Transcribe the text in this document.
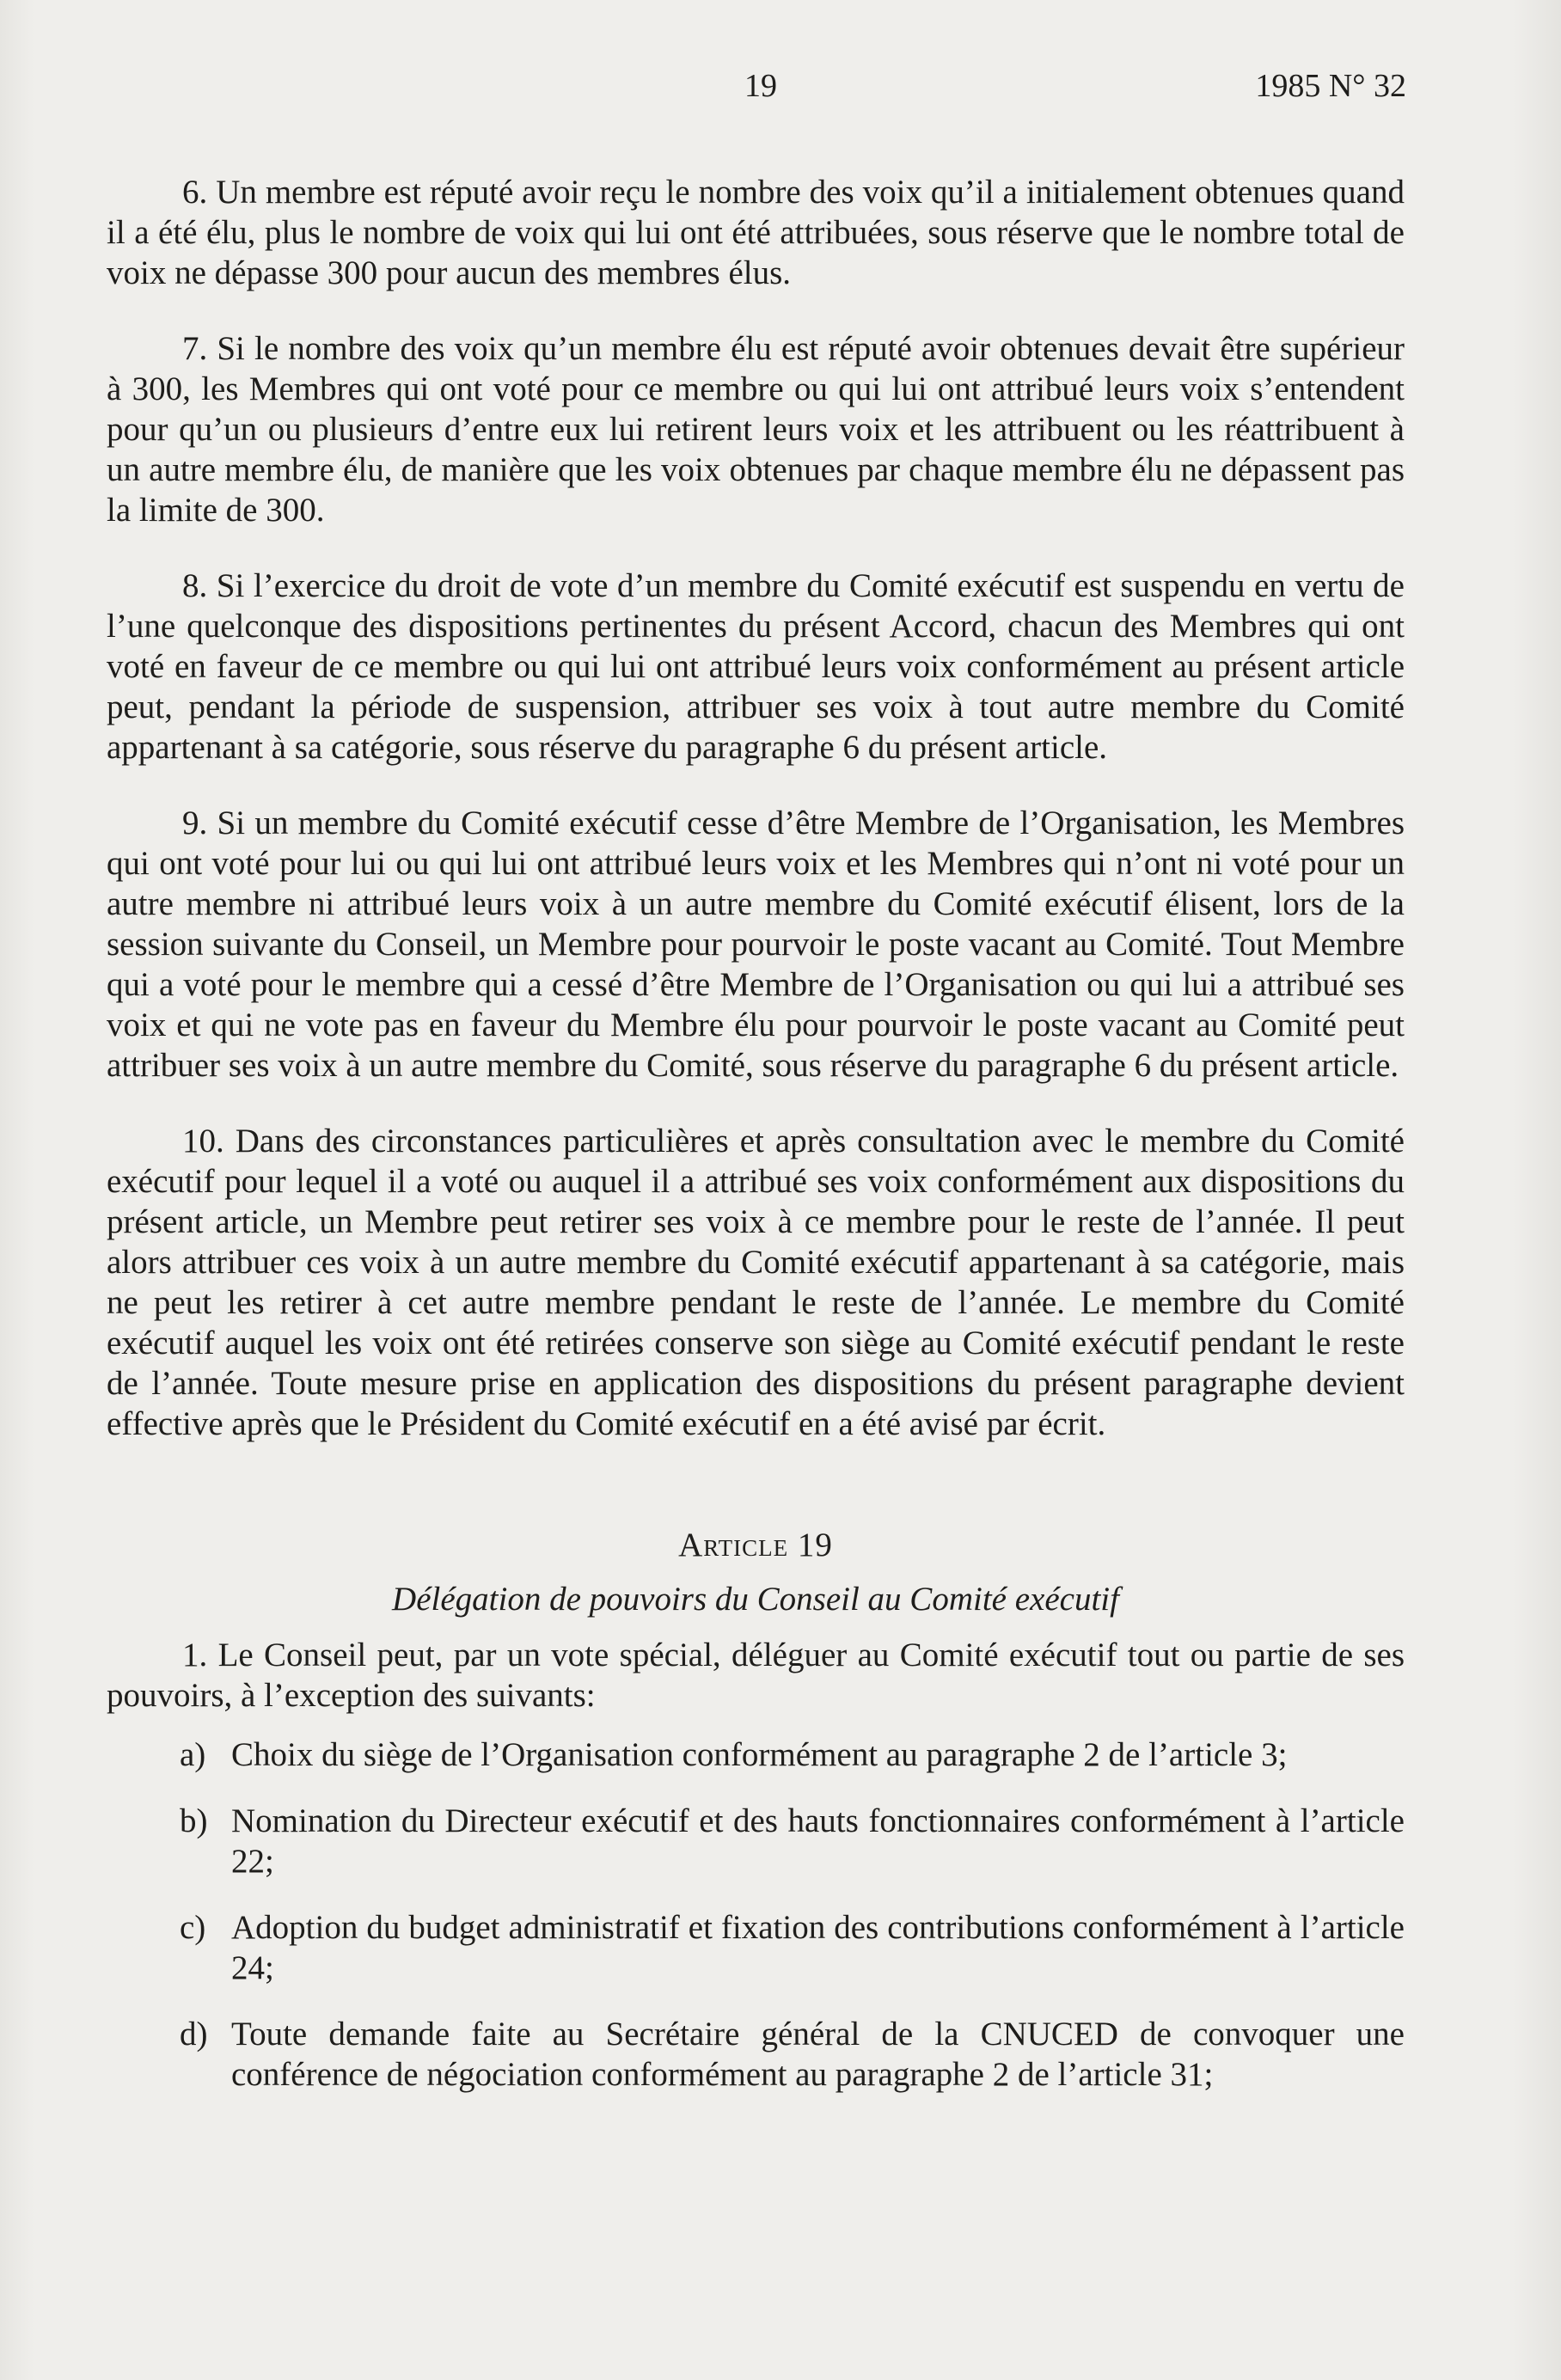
19	1985 N° 32

6. Un membre est réputé avoir reçu le nombre des voix qu’il a initialement obtenues quand il a été élu, plus le nombre de voix qui lui ont été attribuées, sous réserve que le nombre total de voix ne dépasse 300 pour aucun des membres élus.

7. Si le nombre des voix qu’un membre élu est réputé avoir obtenues devait être supérieur à 300, les Membres qui ont voté pour ce membre ou qui lui ont attribué leurs voix s’entendent pour qu’un ou plusieurs d’entre eux lui retirent leurs voix et les attribuent ou les réattribuent à un autre membre élu, de manière que les voix obtenues par chaque membre élu ne dépassent pas la limite de 300.

8. Si l’exercice du droit de vote d’un membre du Comité exécutif est suspendu en vertu de l’une quelconque des dispositions pertinentes du présent Accord, chacun des Membres qui ont voté en faveur de ce membre ou qui lui ont attribué leurs voix conformément au présent article peut, pendant la période de suspension, attribuer ses voix à tout autre membre du Comité appartenant à sa catégorie, sous réserve du paragraphe 6 du présent article.

9. Si un membre du Comité exécutif cesse d’être Membre de l’Organisation, les Membres qui ont voté pour lui ou qui lui ont attribué leurs voix et les Membres qui n’ont ni voté pour un autre membre ni attribué leurs voix à un autre membre du Comité exécutif élisent, lors de la session suivante du Conseil, un Membre pour pourvoir le poste vacant au Comité. Tout Membre qui a voté pour le membre qui a cessé d’être Membre de l’Organisation ou qui lui a attribué ses voix et qui ne vote pas en faveur du Membre élu pour pourvoir le poste vacant au Comité peut attribuer ses voix à un autre membre du Comité, sous réserve du paragraphe 6 du présent article.

10. Dans des circonstances particulières et après consultation avec le membre du Comité exécutif pour lequel il a voté ou auquel il a attribué ses voix conformément aux dispositions du présent article, un Membre peut retirer ses voix à ce membre pour le reste de l’année. Il peut alors attribuer ces voix à un autre membre du Comité exécutif appartenant à sa catégorie, mais ne peut les retirer à cet autre membre pendant le reste de l’année. Le membre du Comité exécutif auquel les voix ont été retirées conserve son siège au Comité exécutif pendant le reste de l’année. Toute mesure prise en application des dispositions du présent paragraphe devient effective après que le Président du Comité exécutif en a été avisé par écrit.

Article 19
Délégation de pouvoirs du Conseil au Comité exécutif

1. Le Conseil peut, par un vote spécial, déléguer au Comité exécutif tout ou partie de ses pouvoirs, à l’exception des suivants:

a) Choix du siège de l’Organisation conformément au paragraphe 2 de l’article 3;
b) Nomination du Directeur exécutif et des hauts fonctionnaires conformément à l’article 22;
c) Adoption du budget administratif et fixation des contributions conformément à l’article 24;
d) Toute demande faite au Secrétaire général de la CNUCED de convoquer une conférence de négociation conformément au paragraphe 2 de l’article 31;
